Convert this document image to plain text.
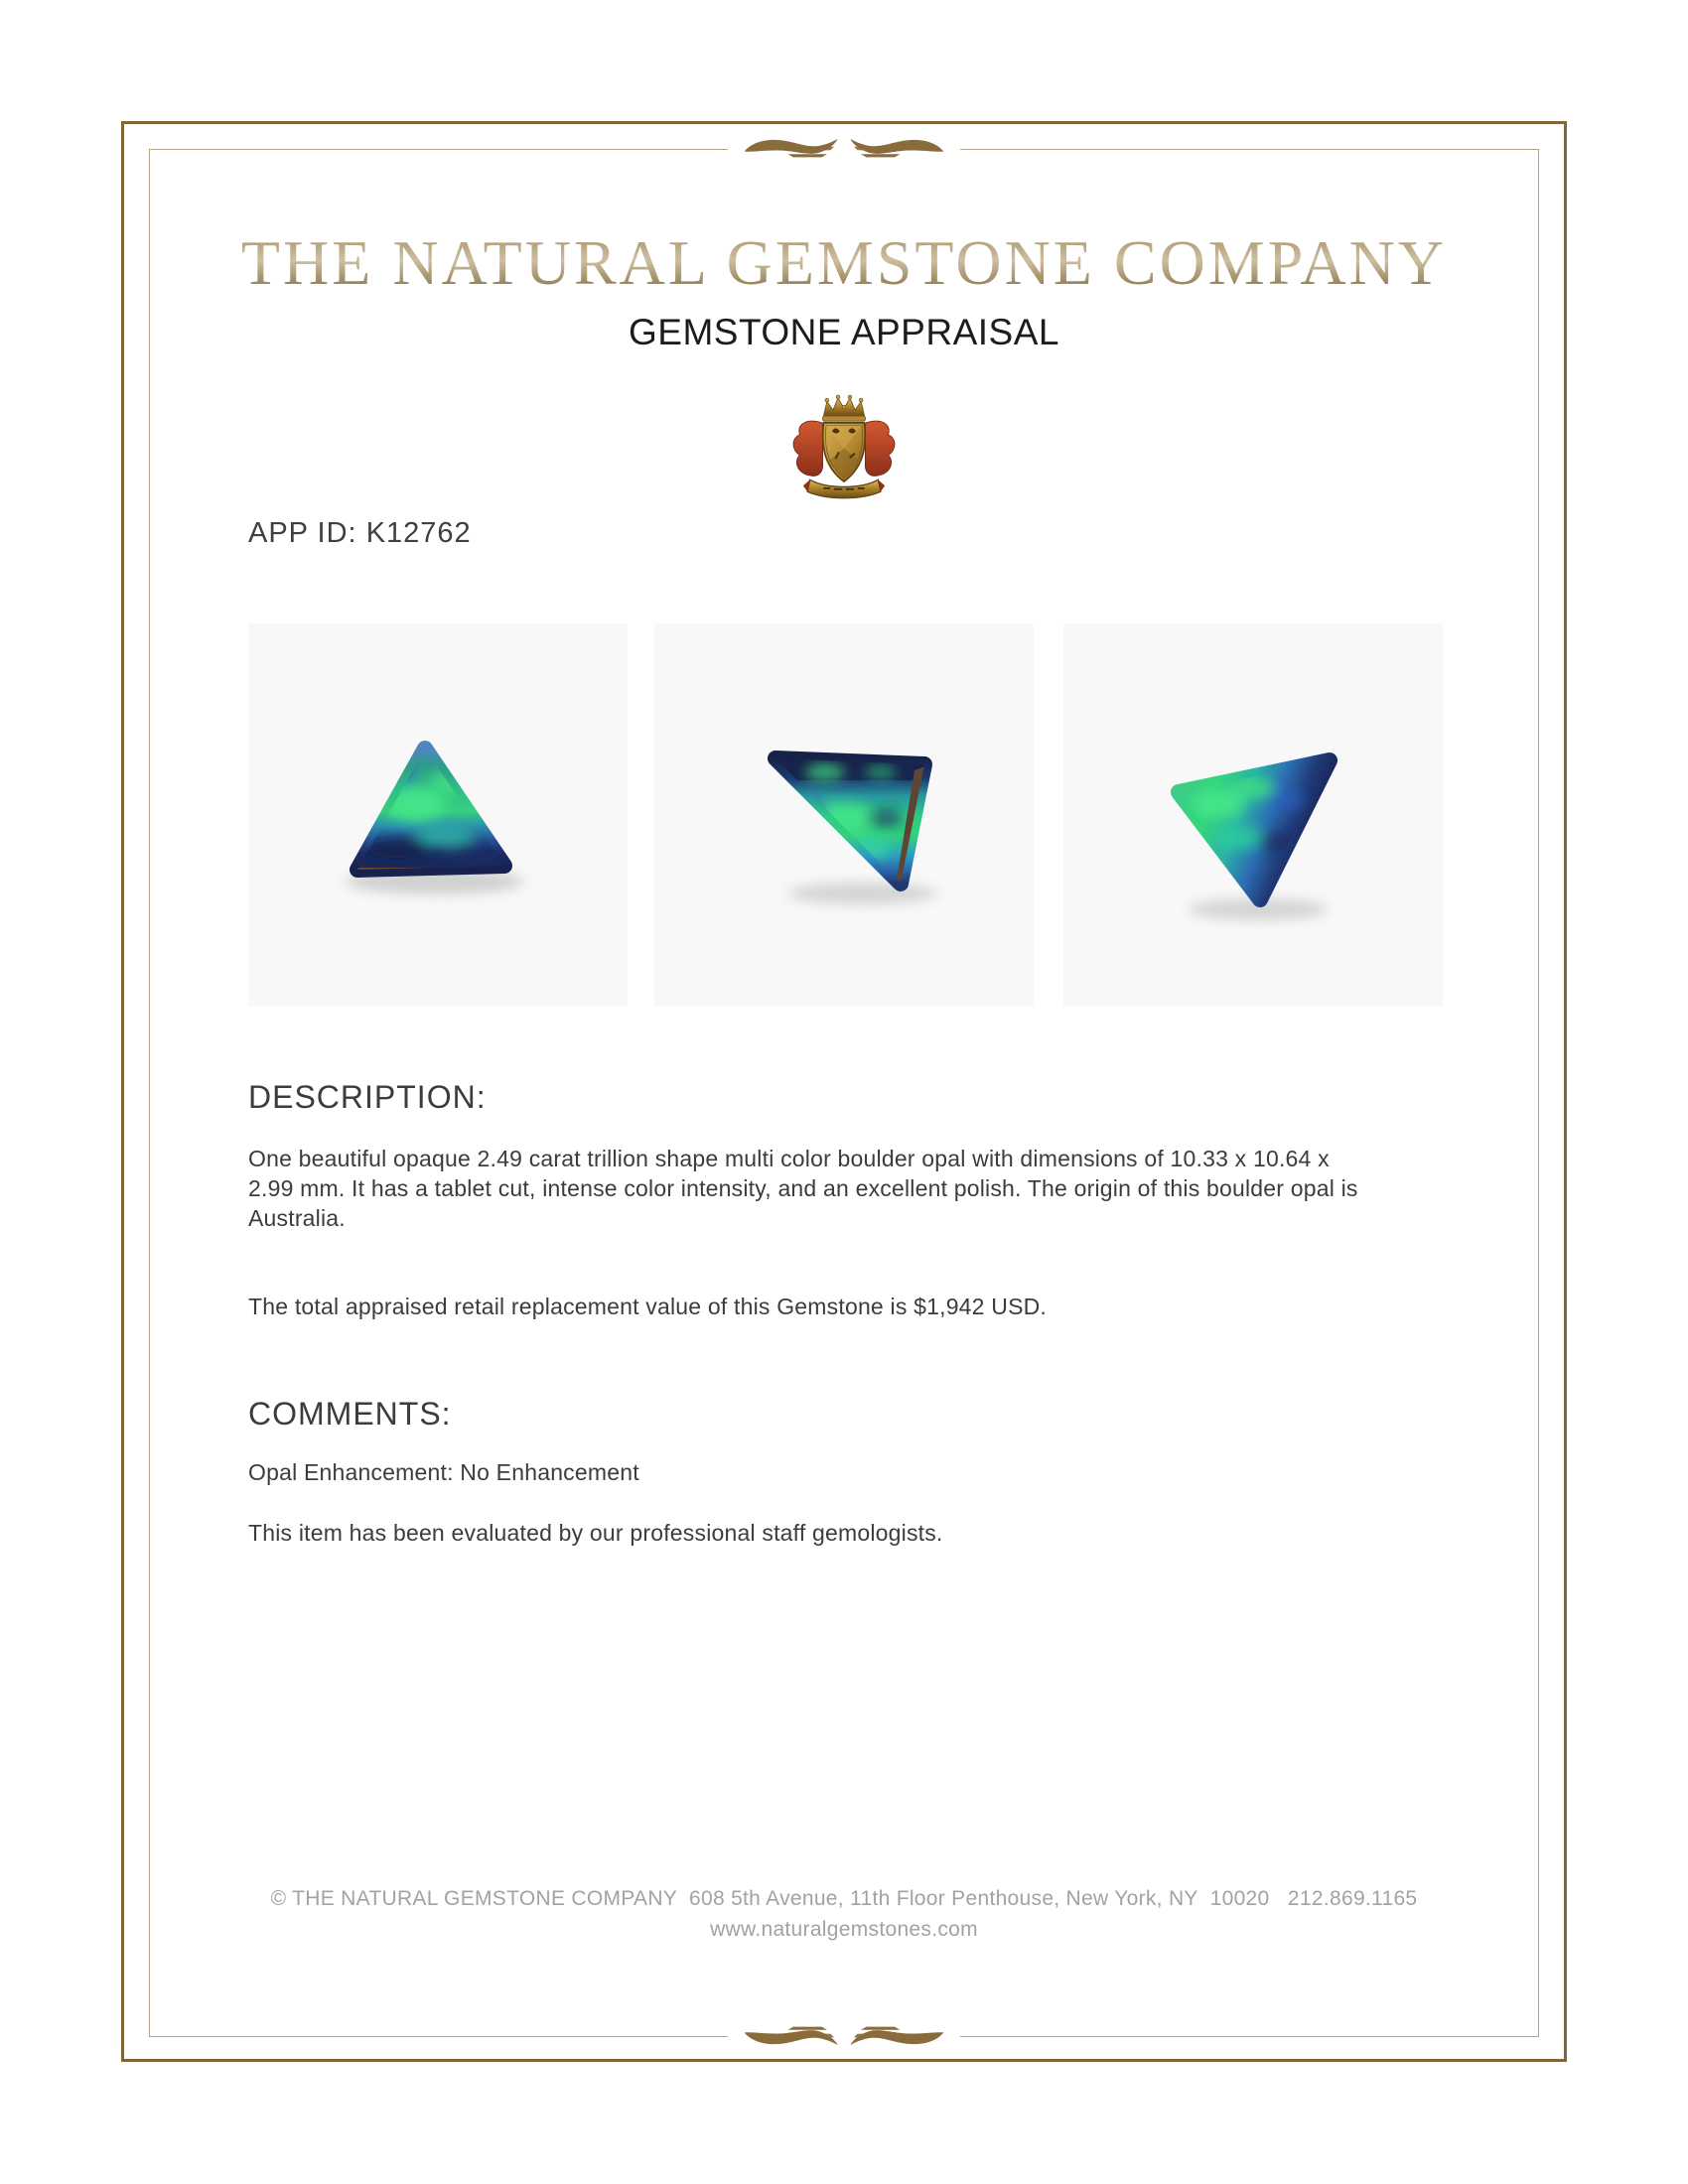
THE NATURAL GEMSTONE COMPANY
GEMSTONE APPRAISAL
APP ID: K12762
DESCRIPTION:
One beautiful opaque 2.49 carat trillion shape multi color boulder opal with dimensions of 10.33 x 10.64 x 2.99 mm. It has a tablet cut, intense color intensity, and an excellent polish. The origin of this boulder opal is Australia.
The total appraised retail replacement value of this Gemstone is $1,942 USD.
COMMENTS:
Opal Enhancement: No Enhancement
This item has been evaluated by our professional staff gemologists.
© THE NATURAL GEMSTONE COMPANY  608 5th Avenue, 11th Floor Penthouse, New York, NY  10020   212.869.1165
www.naturalgemstones.com
